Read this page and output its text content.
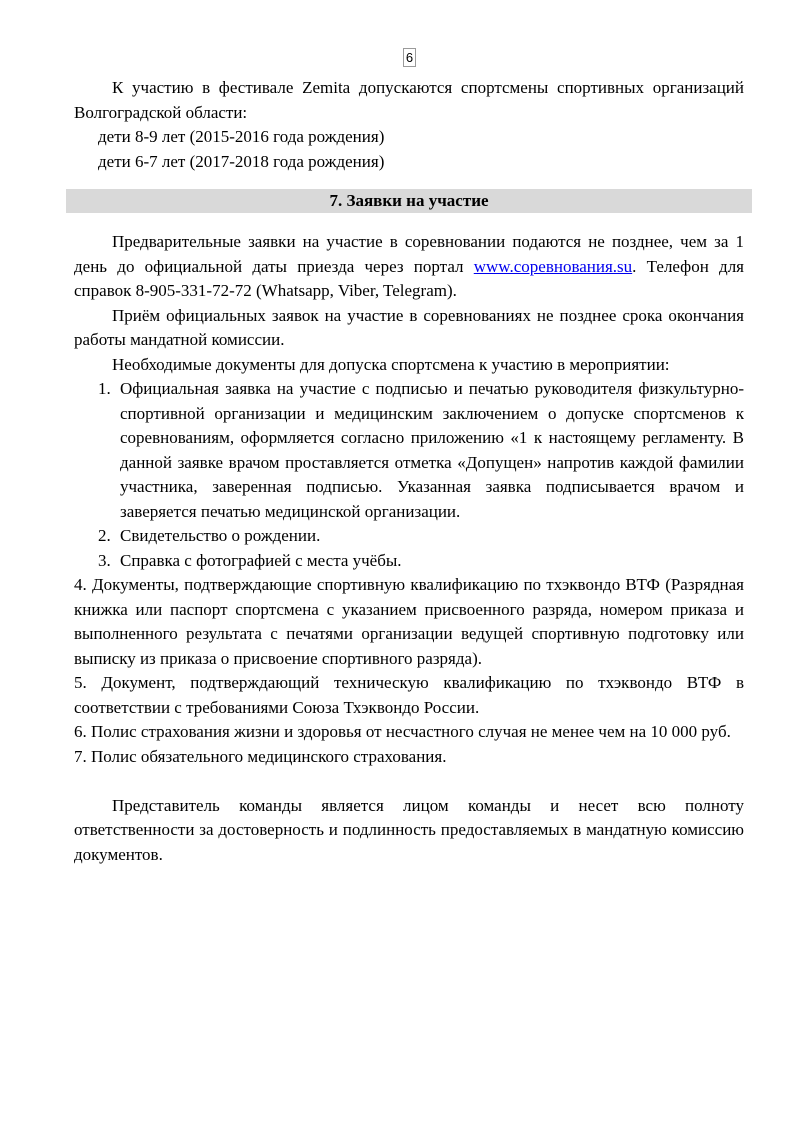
6

К участию в фестивале Zemita допускаются спортсмены спортивных организаций Волгоградской области:

дети 8-9 лет (2015-2016 года рождения)

дети 6-7 лет (2017-2018 года рождения)

7. Заявки на участие

Предварительные заявки на участие в соревновании подаются не позднее, чем за 1 день до официальной даты приезда через портал www.соревнования.su. Телефон для справок 8-905-331-72-72 (Whatsapp, Viber, Telegram).

Приём официальных заявок на участие в соревнованиях не позднее срока окончания работы мандатной комиссии.

Необходимые документы для допуска спортсмена к участию в мероприятии:

1. Официальная заявка на участие с подписью и печатью руководителя физкультурно-спортивной организации и медицинским заключением о допуске спортсменов к соревнованиям, оформляется согласно приложению «1 к настоящему регламенту. В данной заявке врачом проставляется отметка «Допущен» напротив каждой фамилии участника, заверенная подписью. Указанная заявка подписывается врачом и заверяется печатью медицинской организации.
2. Свидетельство о рождении.
3. Справка с фотографией с места учёбы.

4. Документы, подтверждающие спортивную квалификацию по тхэквондо ВТФ (Разрядная книжка или паспорт спортсмена с указанием присвоенного разряда, номером приказа и выполненного результата с печатями организации ведущей спортивную подготовку или выписку из приказа о присвоение спортивного разряда).

5. Документ, подтверждающий техническую квалификацию по тхэквондо ВТФ в соответствии с требованиями Союза Тхэквондо России.

6. Полис страхования жизни и здоровья от несчастного случая не менее чем на 10 000 руб.

7. Полис обязательного медицинского страхования.

Представитель команды является лицом команды и несет всю полноту ответственности за достоверность и подлинность предоставляемых в мандатную комиссию документов.
